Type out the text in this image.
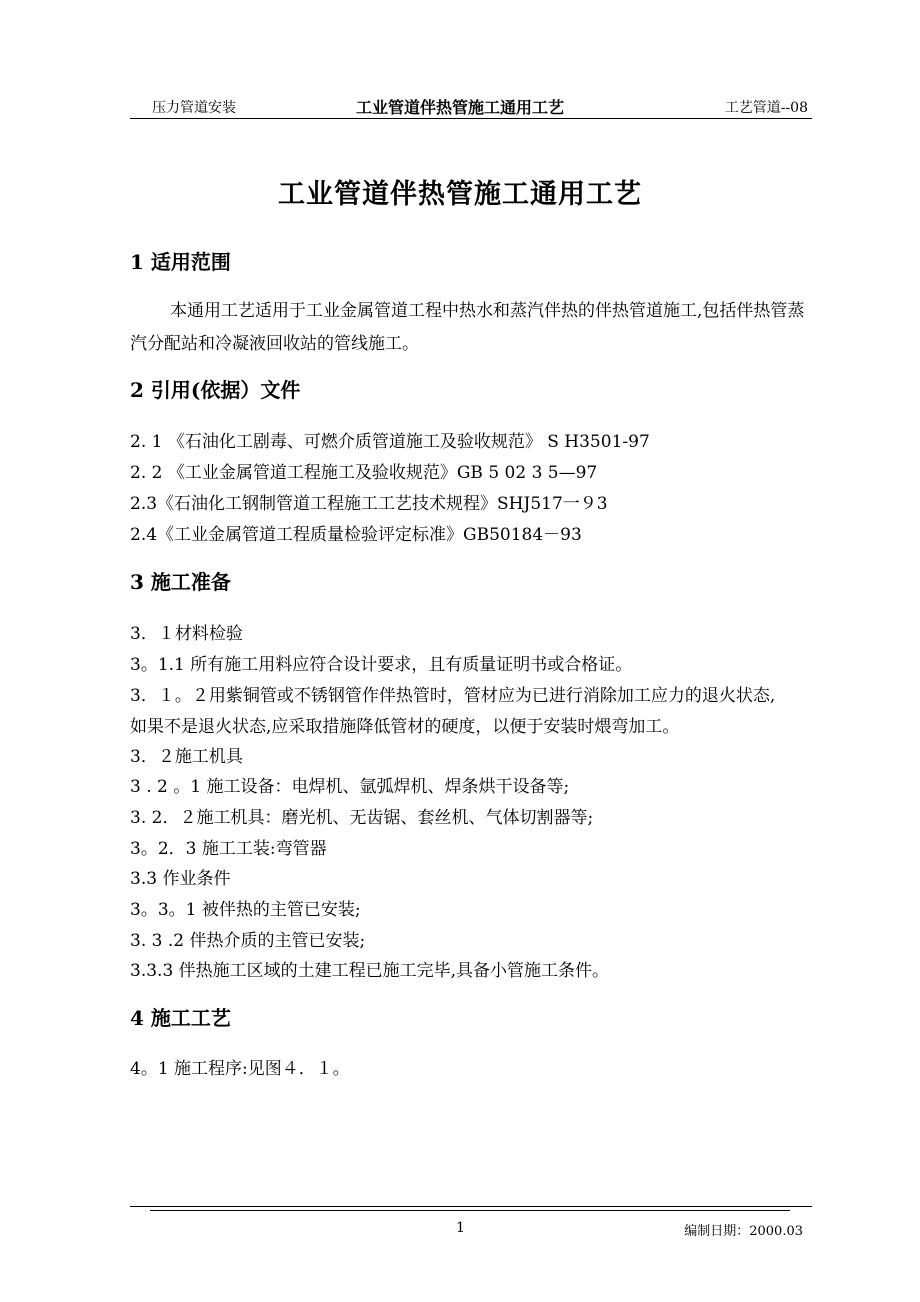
压力管道安装	工业管道伴热管施工通用工艺	工艺管道--08
工业管道伴热管施工通用工艺
1 适用范围
本通用工艺适用于工业金属管道工程中热水和蒸汽伴热的伴热管道施工,包括伴热管蒸汽分配站和冷凝液回收站的管线施工。
2 引用(依据）文件
2. 1 《石油化工剧毒、可燃介质管道施工及验收规范》 S H3501-97
2. 2 《工业金属管道工程施工及验收规范》GB 5 02 3 5—97
2.3《石油化工钢制管道工程施工工艺技术规程》SHJ517一９3
2.4《工业金属管道工程质量检验评定标准》GB50184－93
3 施工准备
3．１材料检验
3。1.1 所有施工用料应符合设计要求，且有质量证明书或合格证。
3．１。２用紫铜管或不锈钢管作伴热管时，管材应为已进行消除加工应力的退火状态,
如果不是退火状态,应采取措施降低管材的硬度，以便于安装时煨弯加工。
3．２施工机具
3 . 2 。1 施工设备：电焊机、氩弧焊机、焊条烘干设备等;
3. 2．２施工机具：磨光机、无齿锯、套丝机、气体切割器等;
3。2．3 施工工装:弯管器
3.3 作业条件
3。3。1 被伴热的主管已安装;
3. 3 .2 伴热介质的主管已安装;
3.3.3 伴热施工区域的土建工程已施工完毕,具备小管施工条件。
4 施工工艺
4。1 施工程序:见图４．１。
1	编制日期：2000.03
